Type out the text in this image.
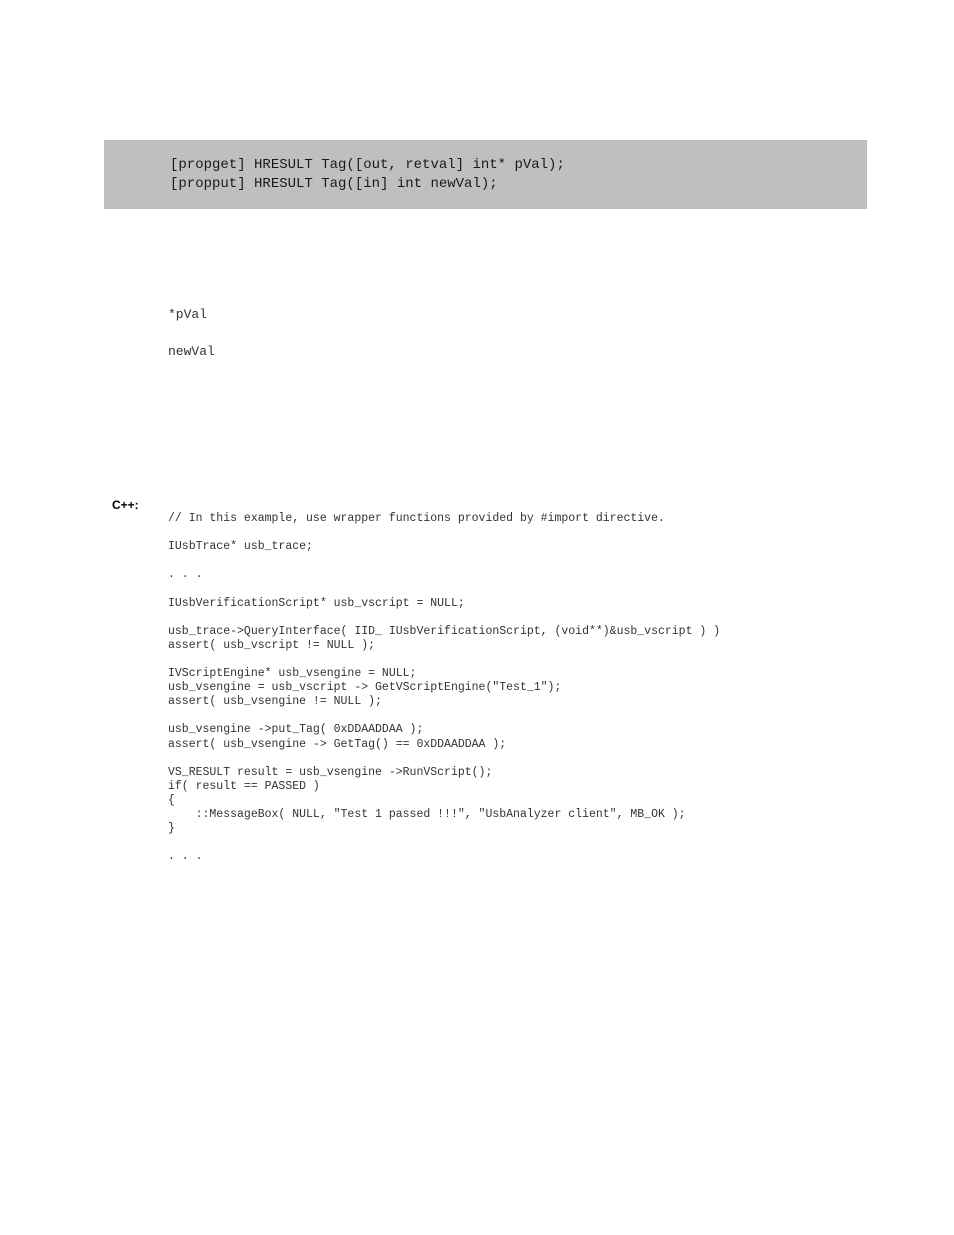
[propget] HRESULT Tag([out, retval] int* pVal);
[propput] HRESULT Tag([in] int newVal);
*pVal
newVal
C++:
// In this example, use wrapper functions provided by #import directive.
IUsbTrace* usb_trace;
. . .
IUsbVerificationScript* usb_vscript = NULL;
usb_trace->QueryInterface( IID_ IUsbVerificationScript, (void**)&usb_vscript ) )
assert( usb_vscript != NULL );
IVScriptEngine* usb_vsengine = NULL;
usb_vsengine = usb_vscript -> GetVScriptEngine("Test_1");
assert( usb_vsengine != NULL );
usb_vsengine ->put_Tag( 0xDDAADDAA );
assert( usb_vsengine -> GetTag() == 0xDDAADDAA );
VS_RESULT result = usb_vsengine ->RunVScript();
if( result == PASSED )
{
::MessageBox( NULL, "Test 1 passed !!!", "UsbAnalyzer client", MB_OK );
}
. . .
